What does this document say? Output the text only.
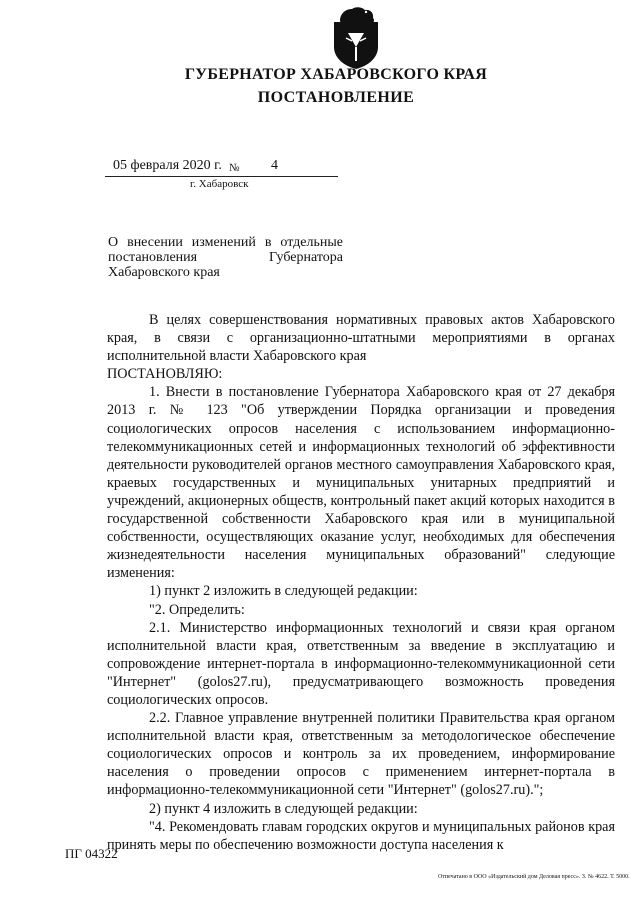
ГУБЕРНАТОР ХАБАРОВСКОГО КРАЯ
ПОСТАНОВЛЕНИЕ
05 февраля 2020 г. № 4
г. Хабаровск
О внесении изменений в отдельные постановления Губернатора Хабаровского края

В целях совершенствования нормативных правовых актов Хабаровского края, в связи с организационно-штатными мероприятиями в органах исполнительной власти Хабаровского края

ПОСТАНОВЛЯЮ:

1. Внести в постановление Губернатора Хабаровского края от 27 декабря 2013 г. № 123 "Об утверждении Порядка организации и проведения социологических опросов населения с использованием информационно-телекоммуникационных сетей и информационных технологий об эффективности деятельности руководителей органов местного самоуправления Хабаровского края, краевых государственных и муниципальных унитарных предприятий и учреждений, акционерных обществ, контрольный пакет акций которых находится в государственной собственности Хабаровского края или в муниципальной собственности, осуществляющих оказание услуг, необходимых для обеспечения жизнедеятельности населения муниципальных образований" следующие изменения:

1) пункт 2 изложить в следующей редакции:

"2. Определить:

2.1. Министерство информационных технологий и связи края органом исполнительной власти края, ответственным за введение в эксплуатацию и сопровождение интернет-портала в информационно-телекоммуникационной сети "Интернет" (golos27.ru), предусматривающего возможность проведения социологических опросов.

2.2. Главное управление внутренней политики Правительства края органом исполнительной власти края, ответственным за методологическое обеспечение социологических опросов и контроль за их проведением, информирование населения о проведении опросов с применением интернет-портала в информационно-телекоммуникационной сети "Интернет" (golos27.ru).";

2) пункт 4 изложить в следующей редакции:

"4. Рекомендовать главам городских округов и муниципальных районов края принять меры по обеспечению возможности доступа населения к

ПГ 04322
Отпечатано в ООО «Издательский дом Деловая пресс». З. № 4622. Т. 5000.
